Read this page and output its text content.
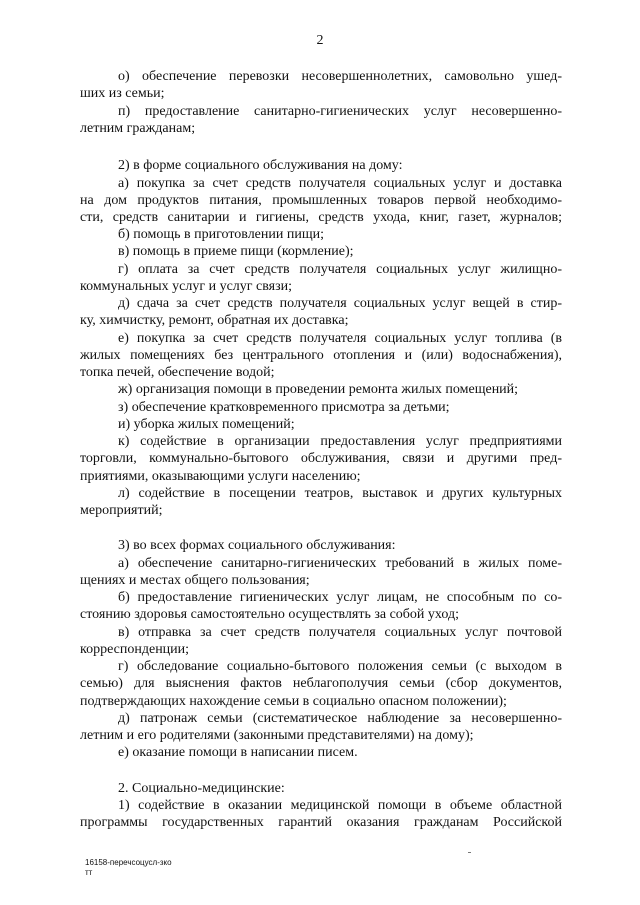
2
о) обеспечение перевозки несовершеннолетних, самовольно ушед-
ших из семьи;
п) предоставление санитарно-гигиенических услуг несовершенно-
летним гражданам;
2) в форме социального обслуживания на дому:
а) покупка за счет средств получателя социальных услуг и доставка
на дом продуктов питания, промышленных товаров первой необходимо-
сти, средств санитарии и гигиены, средств ухода, книг, газет, журналов;
б) помощь в приготовлении пищи;
в) помощь в приеме пищи (кормление);
г) оплата за счет средств получателя социальных услуг жилищно-
коммунальных услуг и услуг связи;
д) сдача за счет средств получателя социальных услуг вещей в стир-
ку, химчистку, ремонт, обратная их доставка;
е) покупка за счет средств получателя социальных услуг топлива (в
жилых помещениях без центрального отопления и (или) водоснабжения),
топка печей, обеспечение водой;
ж) организация помощи в проведении ремонта жилых помещений;
з) обеспечение кратковременного присмотра за детьми;
и) уборка жилых помещений;
к) содействие в организации предоставления услуг предприятиями
торговли, коммунально-бытового обслуживания, связи и другими пред-
приятиями, оказывающими услуги населению;
л) содействие в посещении театров, выставок и других культурных
мероприятий;
3) во всех формах социального обслуживания:
а) обеспечение санитарно-гигиенических требований в жилых поме-
щениях и местах общего пользования;
б) предоставление гигиенических услуг лицам, не способным по со-
стоянию здоровья самостоятельно осуществлять за собой уход;
в) отправка за счет средств получателя социальных услуг почтовой
корреспонденции;
г) обследование социально-бытового положения семьи (с выходом в
семью) для выяснения фактов неблагополучия семьи (сбор документов,
подтверждающих нахождение семьи в социально опасном положении);
д) патронаж семьи (систематическое наблюдение за несовершенно-
летним и его родителями (законными представителями) на дому);
е) оказание помощи в написании писем.
2. Социально-медицинские:
1) содействие в оказании медицинской помощи в объеме областной
программы государственных гарантий оказания гражданам Российской
16158-перечсоцусл-зко
тт
